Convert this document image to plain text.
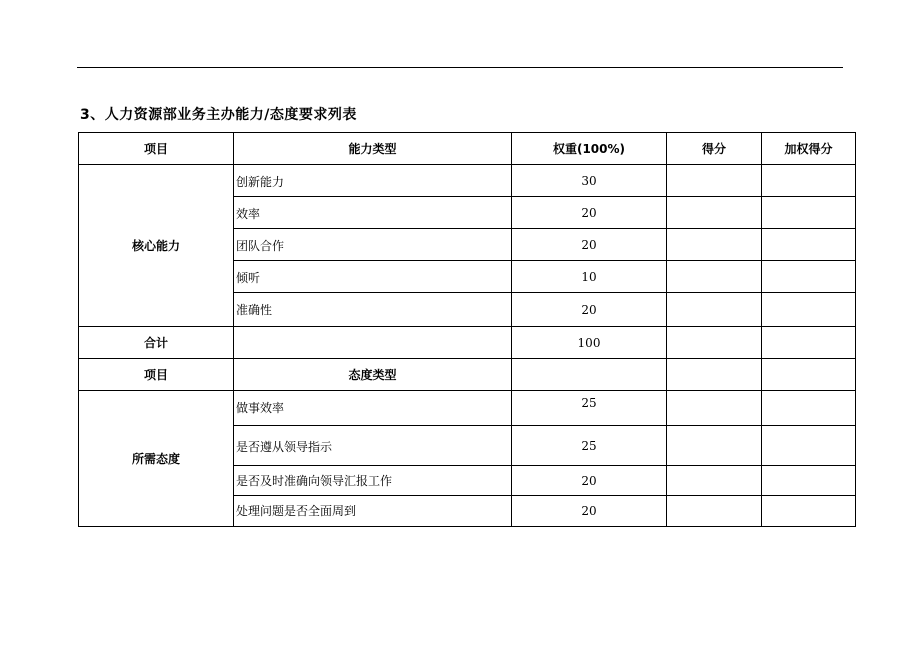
3、人力资源部业务主办能力/态度要求列表
项目	能力类型	权重(100%)	得分	加权得分
核心能力	创新能力	30		
	效率	20		
	团队合作	20		
	倾听	10		
	准确性	20		
合计		100		
项目	态度类型			
所需态度	做事效率	25		
	是否遵从领导指示	25		
	是否及时准确向领导汇报工作	20		
	处理问题是否全面周到	20		
